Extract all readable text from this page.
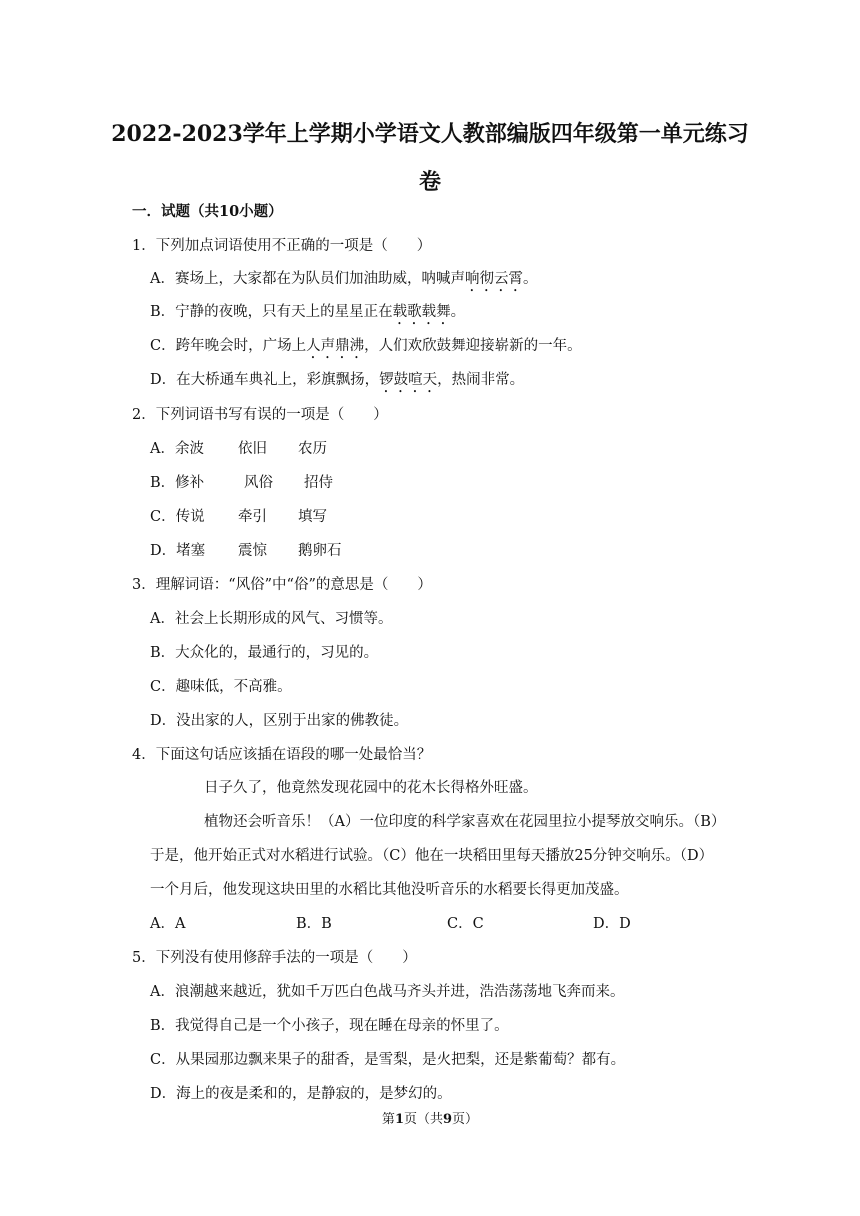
2022-2023学年上学期小学语文人教部编版四年级第一单元练习
卷
一．试题（共10小题）
1．下列加点词语使用不正确的一项是（　　）
A．赛场上，大家都在为队员们加油助威，呐喊声响彻云霄。
B．宁静的夜晚，只有天上的星星正在载歌载舞。
C．跨年晚会时，广场上人声鼎沸，人们欢欣鼓舞迎接崭新的一年。
D．在大桥通车典礼上，彩旗飘扬，锣鼓喧天，热闹非常。
2．下列词语书写有误的一项是（　　）
A．余波 依旧 农历
B．修补	风俗 招侍
C．传说 牵引 填写
D．堵塞 震惊 鹅卵石
3．理解词语：“风俗”中“俗”的意思是（　　）
A．社会上长期形成的风气、习惯等。
B．大众化的，最通行的，习见的。
C．趣味低，不高雅。
D．没出家的人，区别于出家的佛教徒。
4．下面这句话应该插在语段的哪一处最恰当？
日子久了，他竟然发现花园中的花木长得格外旺盛。
植物还会听音乐！（A）一位印度的科学家喜欢在花园里拉小提琴放交响乐。（B）
于是，他开始正式对水稻进行试验。（C）他在一块稻田里每天播放25分钟交响乐。（D）
一个月后，他发现这块田里的水稻比其他没听音乐的水稻要长得更加茂盛。
A．A	B．B	C．C	D．D
5．下列没有使用修辞手法的一项是（　　）
A．浪潮越来越近，犹如千万匹白色战马齐头并进，浩浩荡荡地飞奔而来。
B．我觉得自己是一个小孩子，现在睡在母亲的怀里了。
C．从果园那边飘来果子的甜香，是雪梨，是火把梨，还是紫葡萄？都有。
D．海上的夜是柔和的，是静寂的，是梦幻的。
第1页（共9页）
